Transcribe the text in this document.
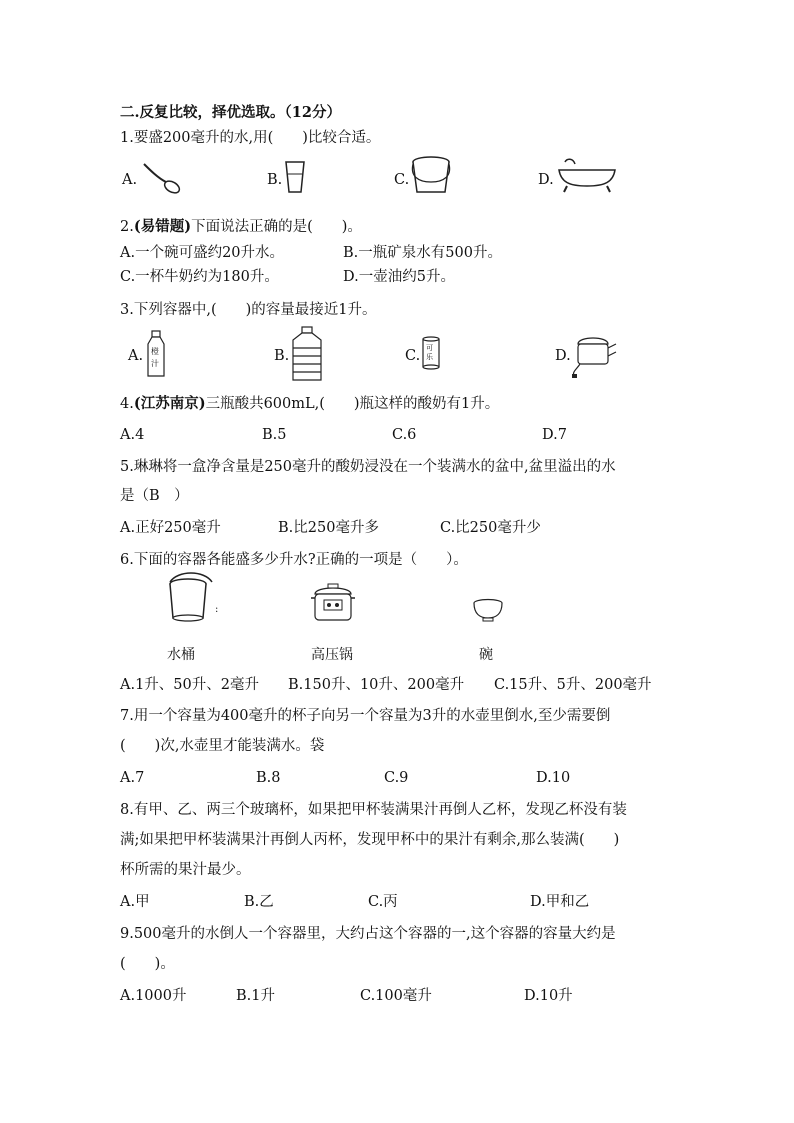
二.反复比较，择优选取。（12分）
1.要盛200毫升的水,用(　　)比较合适。
A.	B.	C.	D.
2.(易错题)下面说法正确的是(　　)。
A.一个碗可盛约20升水。	B.一瓶矿泉水有500升。
C.一杯牛奶约为180升。	D.一壶油约5升。
3.下列容器中,(　　)的容量最接近1升。
A. 橙
汁	B.	C. 可
乐	D.
4.(江苏南京)三瓶酸共600mL,(　　)瓶这样的酸奶有1升。
A.4	B.5	C.6	D.7
5.琳琳将一盒净含量是250毫升的酸奶浸没在一个装满水的盆中,盆里溢出的水
是（B　）
A.正好250毫升	B.比250毫升多	C.比250毫升少
6.下面的容器各能盛多少升水?正确的一项是（　　）。
:
水桶	高压锅	碗
A.1升、50升、2毫升 B.150升、10升、200毫升 C.15升、5升、200毫升
7.用一个容量为400毫升的杯子向另一个容量为3升的水壶里倒水,至少需要倒
(　　)次,水壶里才能装满水。袋
A.7	B.8	C.9	D.10
8.有甲、乙、两三个玻璃杯，如果把甲杯装满果汁再倒人乙杯，发现乙杯没有装
满;如果把甲杯装满果汁再倒人丙杯，发现甲杯中的果汁有剩余,那么装满(　　)
杯所需的果汁最少。
A.甲	B.乙	C.丙	D.甲和乙
9.500毫升的水倒人一个容器里，大约占这个容器的一,这个容器的容量大约是
(　　)。
A.1000升	B.1升	C.100毫升	D.10升
